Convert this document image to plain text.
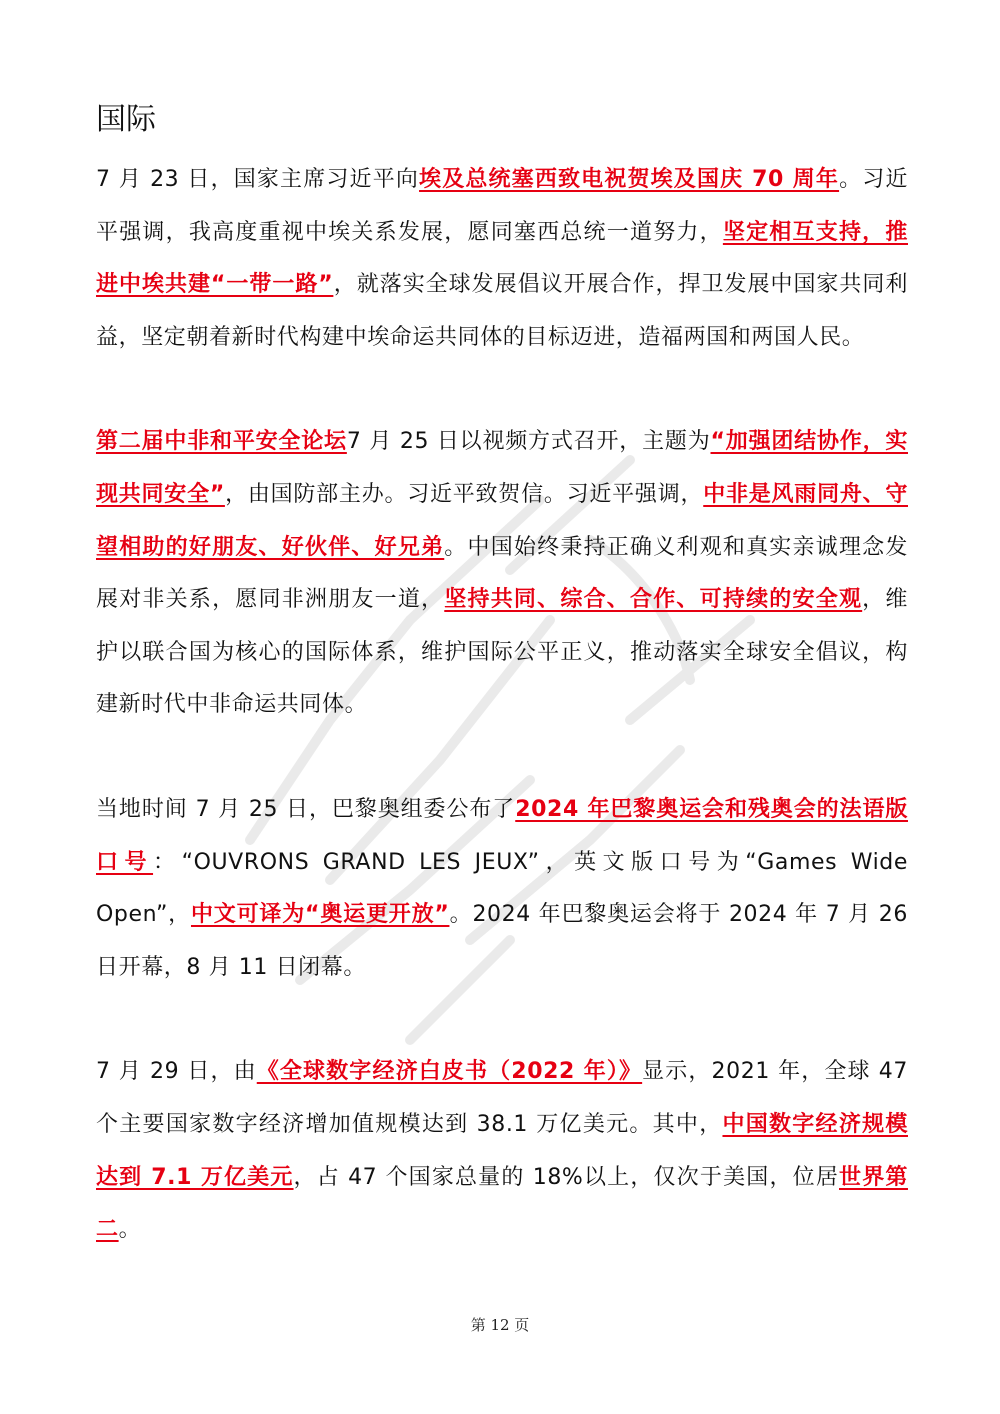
国际

7 月 23 日，国家主席习近平向埃及总统塞西致电祝贺埃及国庆 70 周年。习近平强调，我高度重视中埃关系发展，愿同塞西总统一道努力，坚定相互支持，推进中埃共建“一带一路”，就落实全球发展倡议开展合作，捍卫发展中国家共同利益，坚定朝着新时代构建中埃命运共同体的目标迈进，造福两国和两国人民。

第二届中非和平安全论坛7 月 25 日以视频方式召开，主题为“加强团结协作，实现共同安全”，由国防部主办。习近平致贺信。习近平强调，中非是风雨同舟、守望相助的好朋友、好伙伴、好兄弟。中国始终秉持正确义利观和真实亲诚理念发展对非关系，愿同非洲朋友一道，坚持共同、综合、合作、可持续的安全观，维护以联合国为核心的国际体系，维护国际公平正义，推动落实全球安全倡议，构建新时代中非命运共同体。

当地时间 7 月 25 日，巴黎奥组委公布了2024 年巴黎奥运会和残奥会的法语版口号：“OUVRONS GRAND LES JEUX”，英文版口号为“Games Wide Open”，中文可译为“奥运更开放”。2024 年巴黎奥运会将于 2024 年 7 月 26 日开幕，8 月 11 日闭幕。

7 月 29 日，由《全球数字经济白皮书（2022 年）》显示，2021 年，全球 47 个主要国家数字经济增加值规模达到 38.1 万亿美元。其中，中国数字经济规模达到 7.1 万亿美元，占 47 个国家总量的 18%以上，仅次于美国，位居世界第二。

第 12 页
